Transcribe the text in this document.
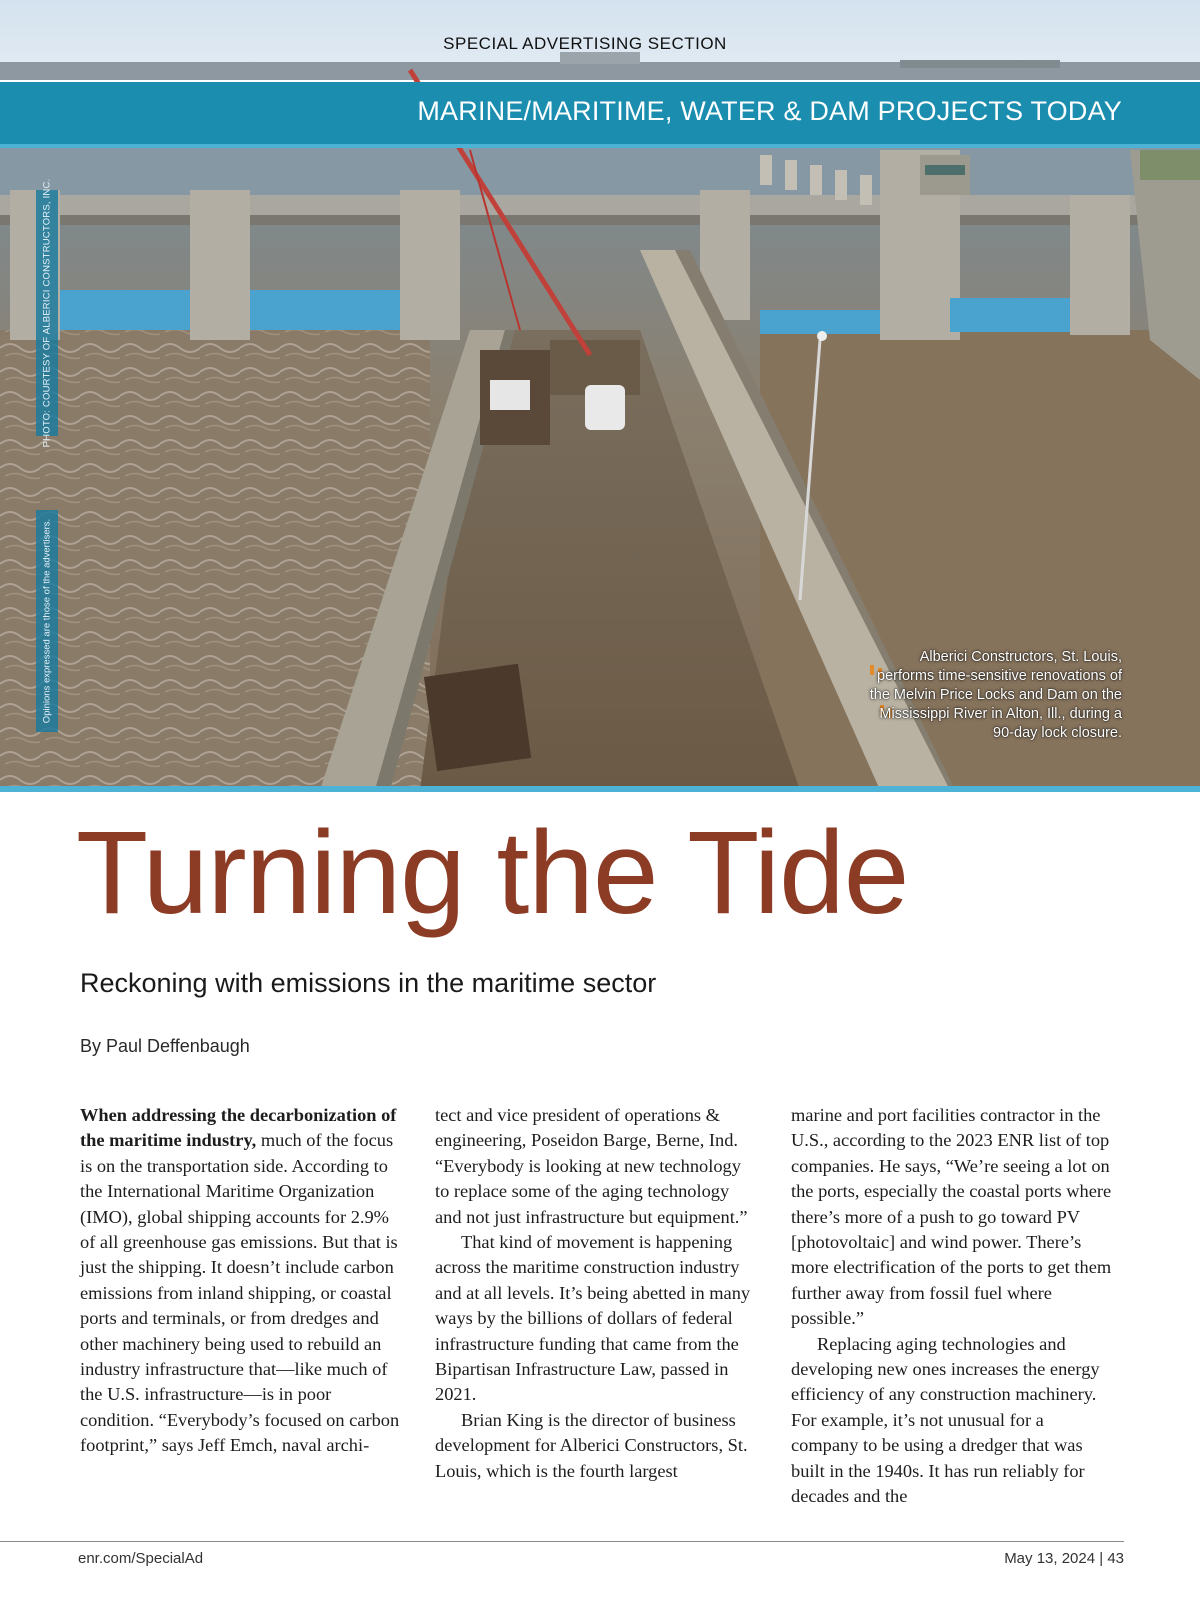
SPECIAL ADVERTISING SECTION
MARINE/MARITIME, WATER & DAM PROJECTS TODAY
PHOTO: COURTESY OF ALBERICI CONSTRUCTORS, INC.
Opinions expressed are those of the advertisers.	Alberici Constructors, St. Louis, performs time-sensitive renovations of the Melvin Price Locks and Dam on the Mississippi River in Alton, Ill., during a 90-day lock closure.
Turning the Tide
Reckoning with emissions in the maritime sector
By Paul Deffenbaugh

When addressing the decarbonization of the maritime industry, much of the focus is on the transportation side. According to the International Maritime Organization (IMO), global shipping accounts for 2.9% of all greenhouse gas emissions. But that is just the shipping. It doesn’t include carbon emissions from inland shipping, or coastal ports and terminals, or from dredges and other machinery being used to rebuild an industry infrastructure that—like much of the U.S. infrastructure—is in poor condition. “Everybody’s focused on carbon footprint,” says Jeff Emch, naval archi-

tect and vice president of operations & engineering, Poseidon Barge, Berne, Ind. “Everybody is looking at new technology to replace some of the aging technology and not just infrastructure but equipment.”

That kind of movement is happening across the maritime construction industry and at all levels. It’s being abetted in many ways by the billions of dollars of federal infrastructure funding that came from the Bipartisan Infrastructure Law, passed in 2021.

Brian King is the director of business development for Alberici Constructors, St. Louis, which is the fourth largest

marine and port facilities contractor in the U.S., according to the 2023 ENR list of top companies. He says, “We’re seeing a lot on the ports, especially the coastal ports where there’s more of a push to go toward PV [photovoltaic] and wind power. There’s more electrification of the ports to get them further away from fossil fuel where possible.”

Replacing aging technologies and developing new ones increases the energy efficiency of any construction machinery. For example, it’s not unusual for a company to be using a dredger that was built in the 1940s. It has run reliably for decades and the

enr.com/SpecialAd	May 13, 2024 | 43
